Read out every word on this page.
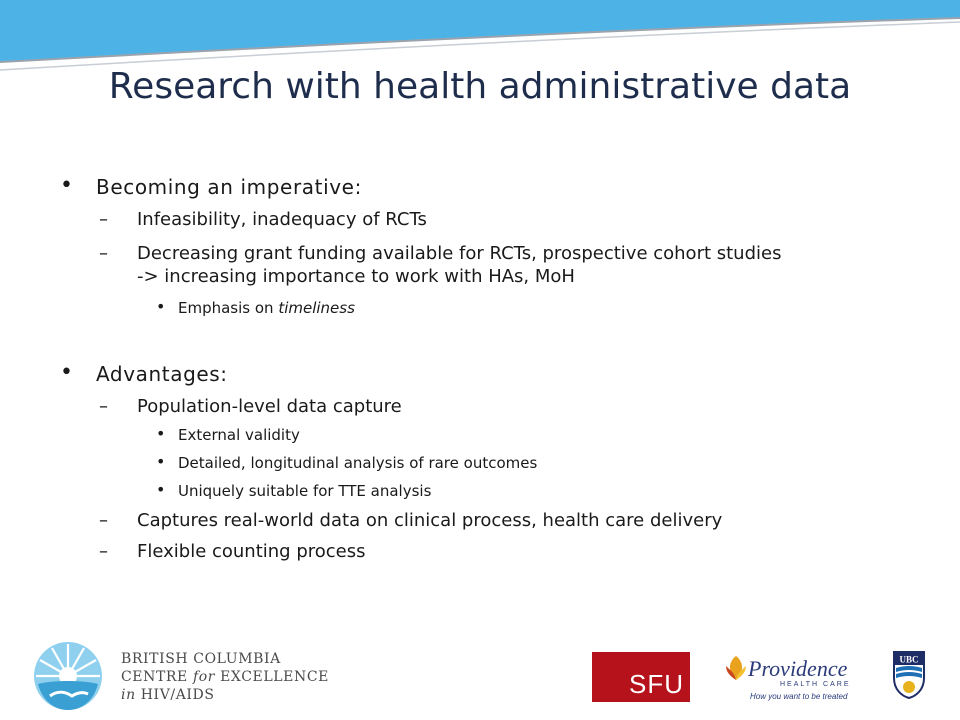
Research with health administrative data
• Becoming an imperative:
– Infeasibility, inadequacy of RCTs
– Decreasing grant funding available for RCTs, prospective cohort studies
-> increasing importance to work with HAs, MoH
• Emphasis on timeliness
• Advantages:
– Population-level data capture
• External validity
• Detailed, longitudinal analysis of rare outcomes
• Uniquely suitable for TTE analysis
– Captures real-world data on clinical process, health care delivery
– Flexible counting process
BRITISH COLUMBIA
CENTRE for EXCELLENCE
in HIV/AIDS	SFU
Providence
HEALTH CARE
How you want to be treated
UBC
